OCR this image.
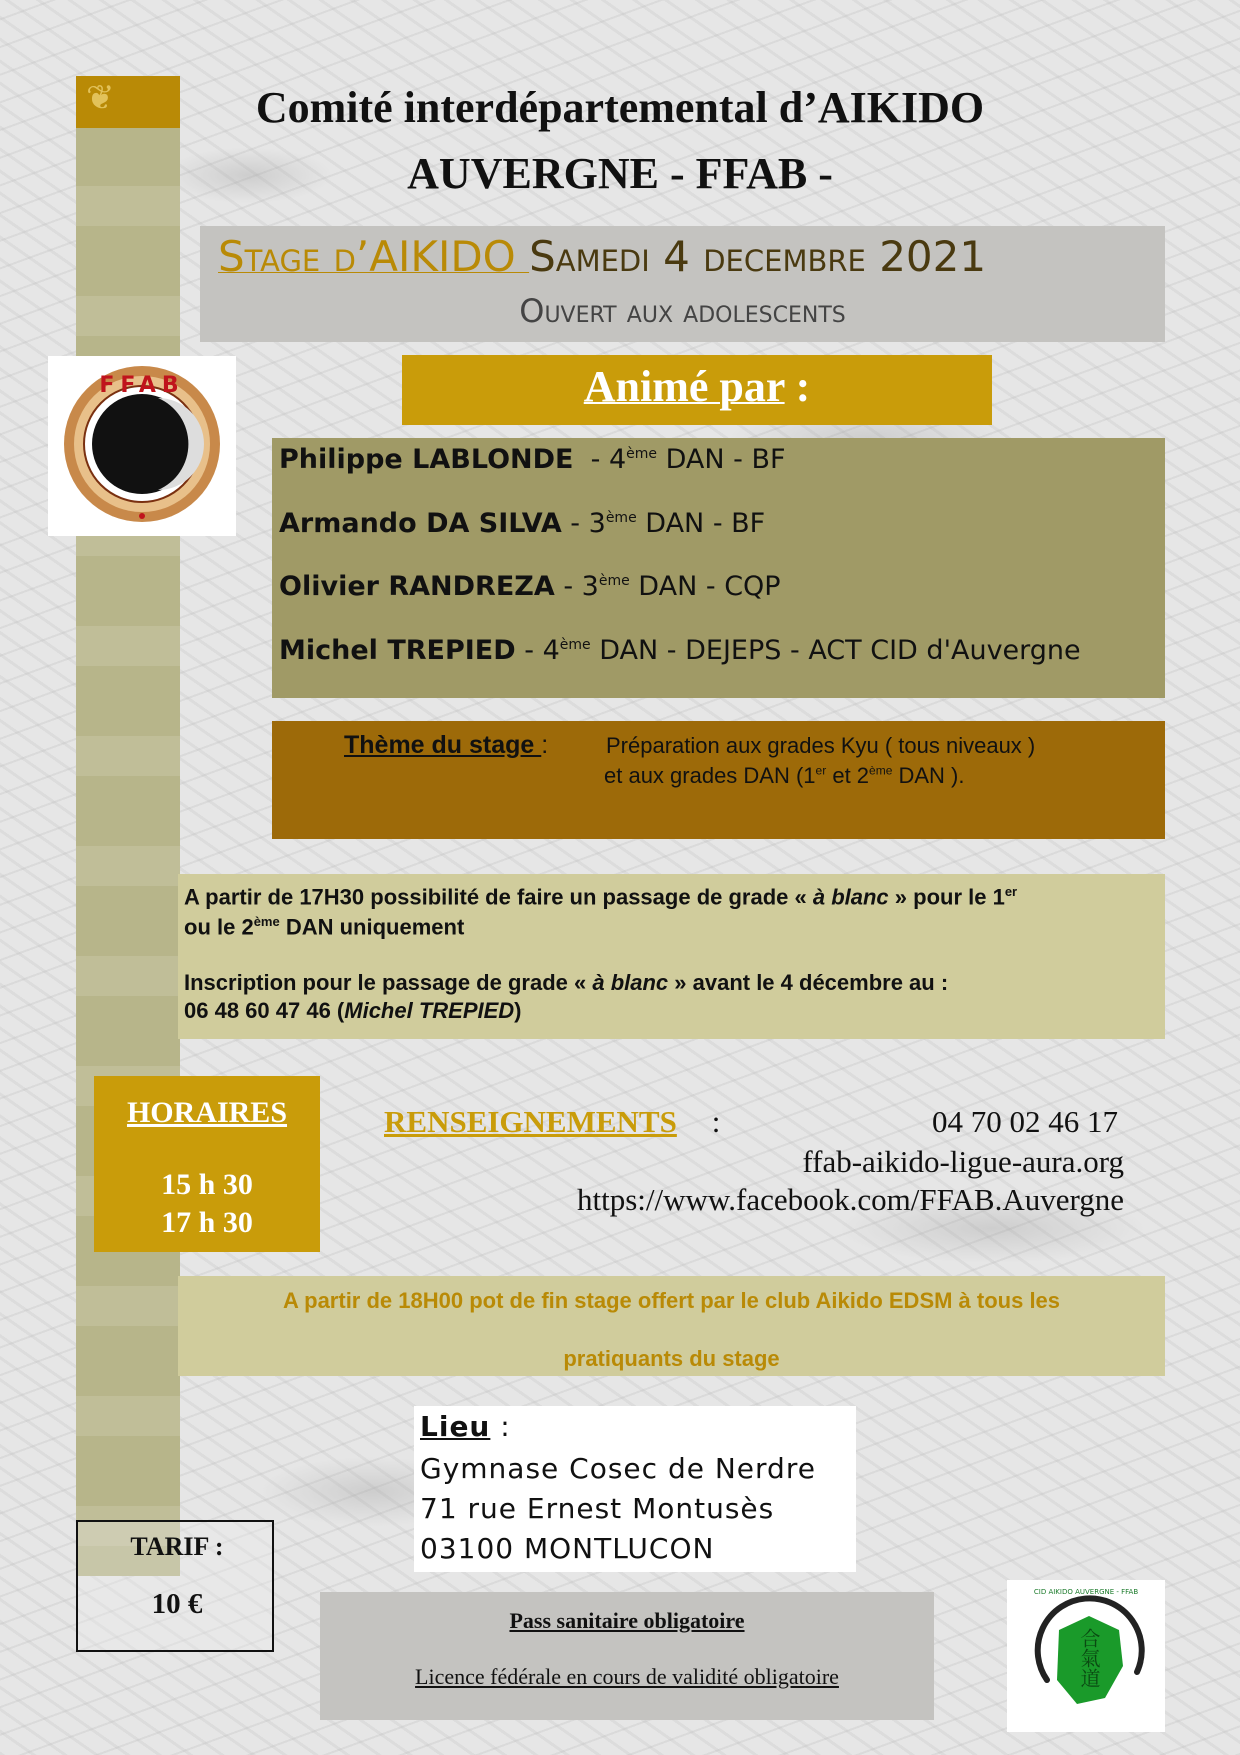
❦	Comité interdépartemental d’AIKIDO
AUVERGNE - FFAB -
Stage d’AIKIDO Samedi 4 decembre 2021
Ouvert aux adolescents
FFAB	Animé par :
Philippe LABLONDE  - 4ème DAN - BF
Armando DA SILVA - 3ème DAN - BF
Olivier RANDREZA - 3ème DAN - CQP
Michel TREPIED - 4ème DAN - DEJEPS - ACT CID d'Auvergne
Thème du stage :	Préparation aux grades Kyu ( tous niveaux )
et aux grades DAN (1er et 2ème DAN ).
A partir de 17H30 possibilité de faire un passage de grade « à blanc » pour le 1er
ou le 2ème DAN uniquement
Inscription pour le passage de grade « à blanc » avant le 4 décembre au :
06 48 60 47 46 (Michel TREPIED)
HORAIRES
15 h 30
17 h 30
RENSEIGNEMENTS :	04 70 02 46 17
ffab-aikido-ligue-aura.org
https://www.facebook.com/FFAB.Auvergne
A partir de 18H00 pot de fin stage offert par le club Aikido EDSM à tous les
pratiquants du stage
Lieu :
Gymnase Cosec de Nerdre
71 rue Ernest Montusès
03100 MONTLUCON
TARIF :
10 €
Pass sanitaire obligatoire
Licence fédérale en cours de validité obligatoire	合氣道
CID AIKIDO AUVERGNE - FFAB
